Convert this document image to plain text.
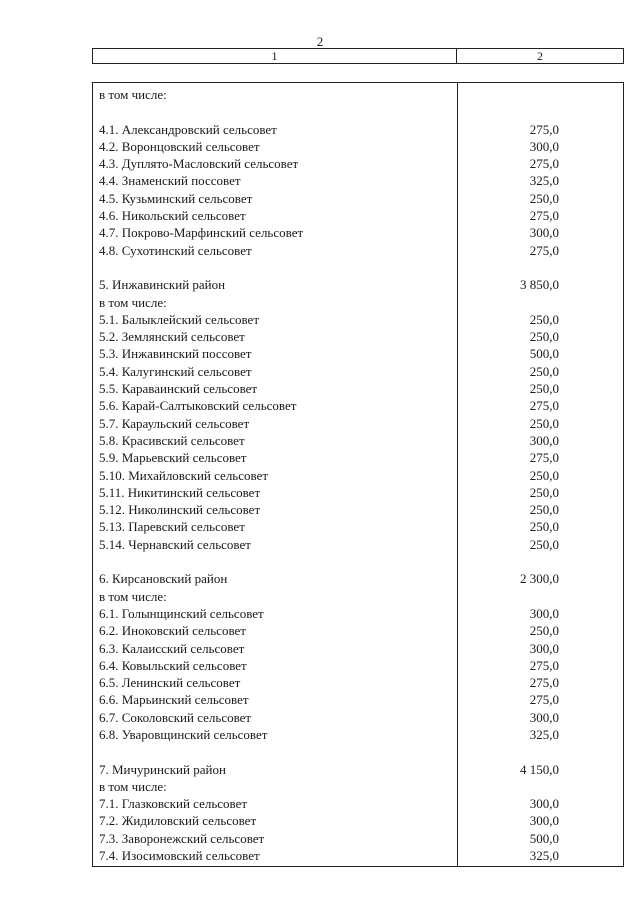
2
1	2
в том числе:
4.1. Александровский сельсовет	275,0
4.2. Воронцовский сельсовет	300,0
4.3. Дуплято-Масловский сельсовет	275,0
4.4. Знаменский поссовет	325,0
4.5. Кузьминский сельсовет	250,0
4.6. Никольский сельсовет	275,0
4.7. Покрово-Марфинский сельсовет	300,0
4.8. Сухотинский сельсовет	275,0
5. Инжавинский район	3 850,0
в том числе:
5.1. Балыклейский сельсовет	250,0
5.2. Землянский сельсовет	250,0
5.3. Инжавинский поссовет	500,0
5.4. Калугинский сельсовет	250,0
5.5. Караваинский сельсовет	250,0
5.6. Карай-Салтыковский сельсовет	275,0
5.7. Караульский сельсовет	250,0
5.8. Красивский сельсовет	300,0
5.9. Марьевский сельсовет	275,0
5.10. Михайловский сельсовет	250,0
5.11. Никитинский сельсовет	250,0
5.12. Николинский сельсовет	250,0
5.13. Паревский сельсовет	250,0
5.14. Чернавский сельсовет	250,0
6. Кирсановский район	2 300,0
в том числе:
6.1. Голынщинский сельсовет	300,0
6.2. Иноковский сельсовет	250,0
6.3. Калаисский сельсовет	300,0
6.4. Ковыльский сельсовет	275,0
6.5. Ленинский сельсовет	275,0
6.6. Марьинский сельсовет	275,0
6.7. Соколовский сельсовет	300,0
6.8. Уваровщинский сельсовет	325,0
7. Мичуринский район	4 150,0
в том числе:
7.1. Глазковский сельсовет	300,0
7.2. Жидиловский сельсовет	300,0
7.3. Заворонежский сельсовет	500,0
7.4. Изосимовский сельсовет	325,0
